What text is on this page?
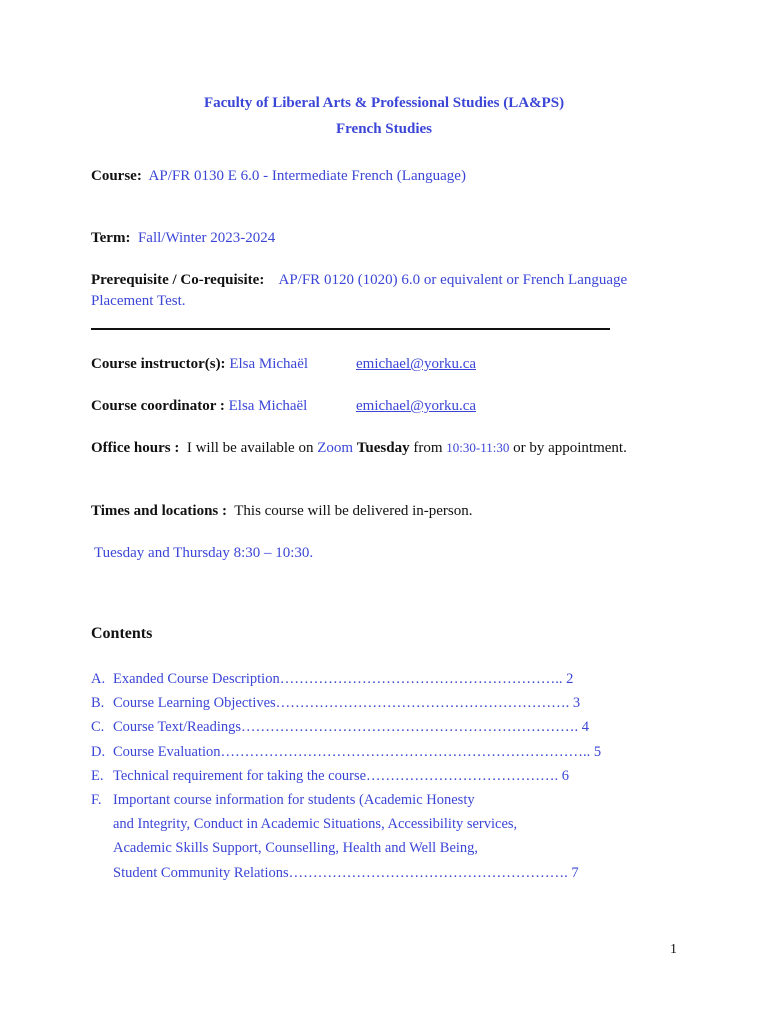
Faculty of Liberal Arts & Professional Studies (LA&PS)
French Studies
Course: AP/FR 0130 E 6.0 - Intermediate French (Language)
Term: Fall/Winter 2023-2024
Prerequisite / Co-requisite: AP/FR 0120 (1020) 6.0 or equivalent or French Language
Placement Test.
Course instructor(s): Elsa Michaël	emichael@yorku.ca
Course coordinator : Elsa Michaël	emichael@yorku.ca
Office hours : I will be available on Zoom Tuesday from 10:30-11:30 or by appointment.
Times and locations : This course will be delivered in-person.
Tuesday and Thursday 8:30 – 10:30.
Contents
A. Exanded Course Description………………………………………………….. 2
B. Course Learning Objectives……………………………………………………. 3
C. Course Text/Readings……………………………………………………………. 4
D. Course Evaluation………………………………………………………………….. 5
E. Technical requirement for taking the course…………………………………. 6
F. Important course information for students (Academic Honesty
and Integrity, Conduct in Academic Situations, Accessibility services,
Academic Skills Support, Counselling, Health and Well Being,
Student Community Relations…………………………………………………. 7
1
